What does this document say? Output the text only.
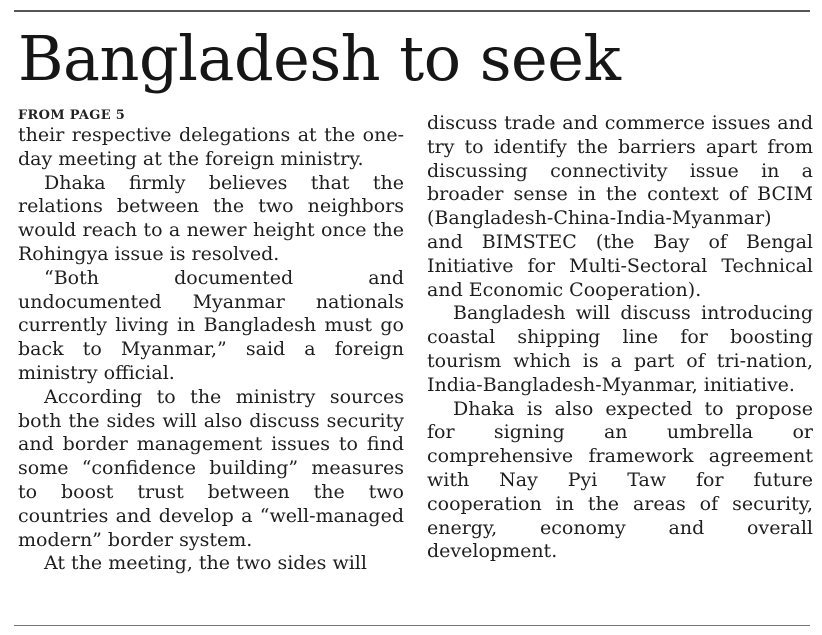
Bangladesh to seek
FROM PAGE 5

their respective delegations at the one-day meeting at the foreign ministry.

Dhaka firmly believes that the relations between the two neighbors would reach to a newer height once the Rohingya issue is resolved.

“Both documented and undocumented Myanmar nationals currently living in Bangladesh must go back to Myanmar,” said a foreign ministry official.

According to the ministry sources both the sides will also discuss security and border management issues to find some “confidence building” measures to boost trust between the two countries and develop a “well-managed modern” border system.

At the meeting, the two sides will

discuss trade and commerce issues and try to identify the barriers apart from discussing connectivity issue in a broader sense in the context of BCIM (Bangladesh-China-India-Myanmar) and BIMSTEC (the Bay of Bengal Initiative for Multi-Sectoral Technical and Economic Cooperation).

Bangladesh will discuss introducing coastal shipping line for boosting tourism which is a part of tri-nation, India-Bangladesh-Myanmar, initiative.

Dhaka is also expected to propose for signing an umbrella or comprehensive framework agreement with Nay Pyi Taw for future cooperation in the areas of security, energy, economy and overall development.
